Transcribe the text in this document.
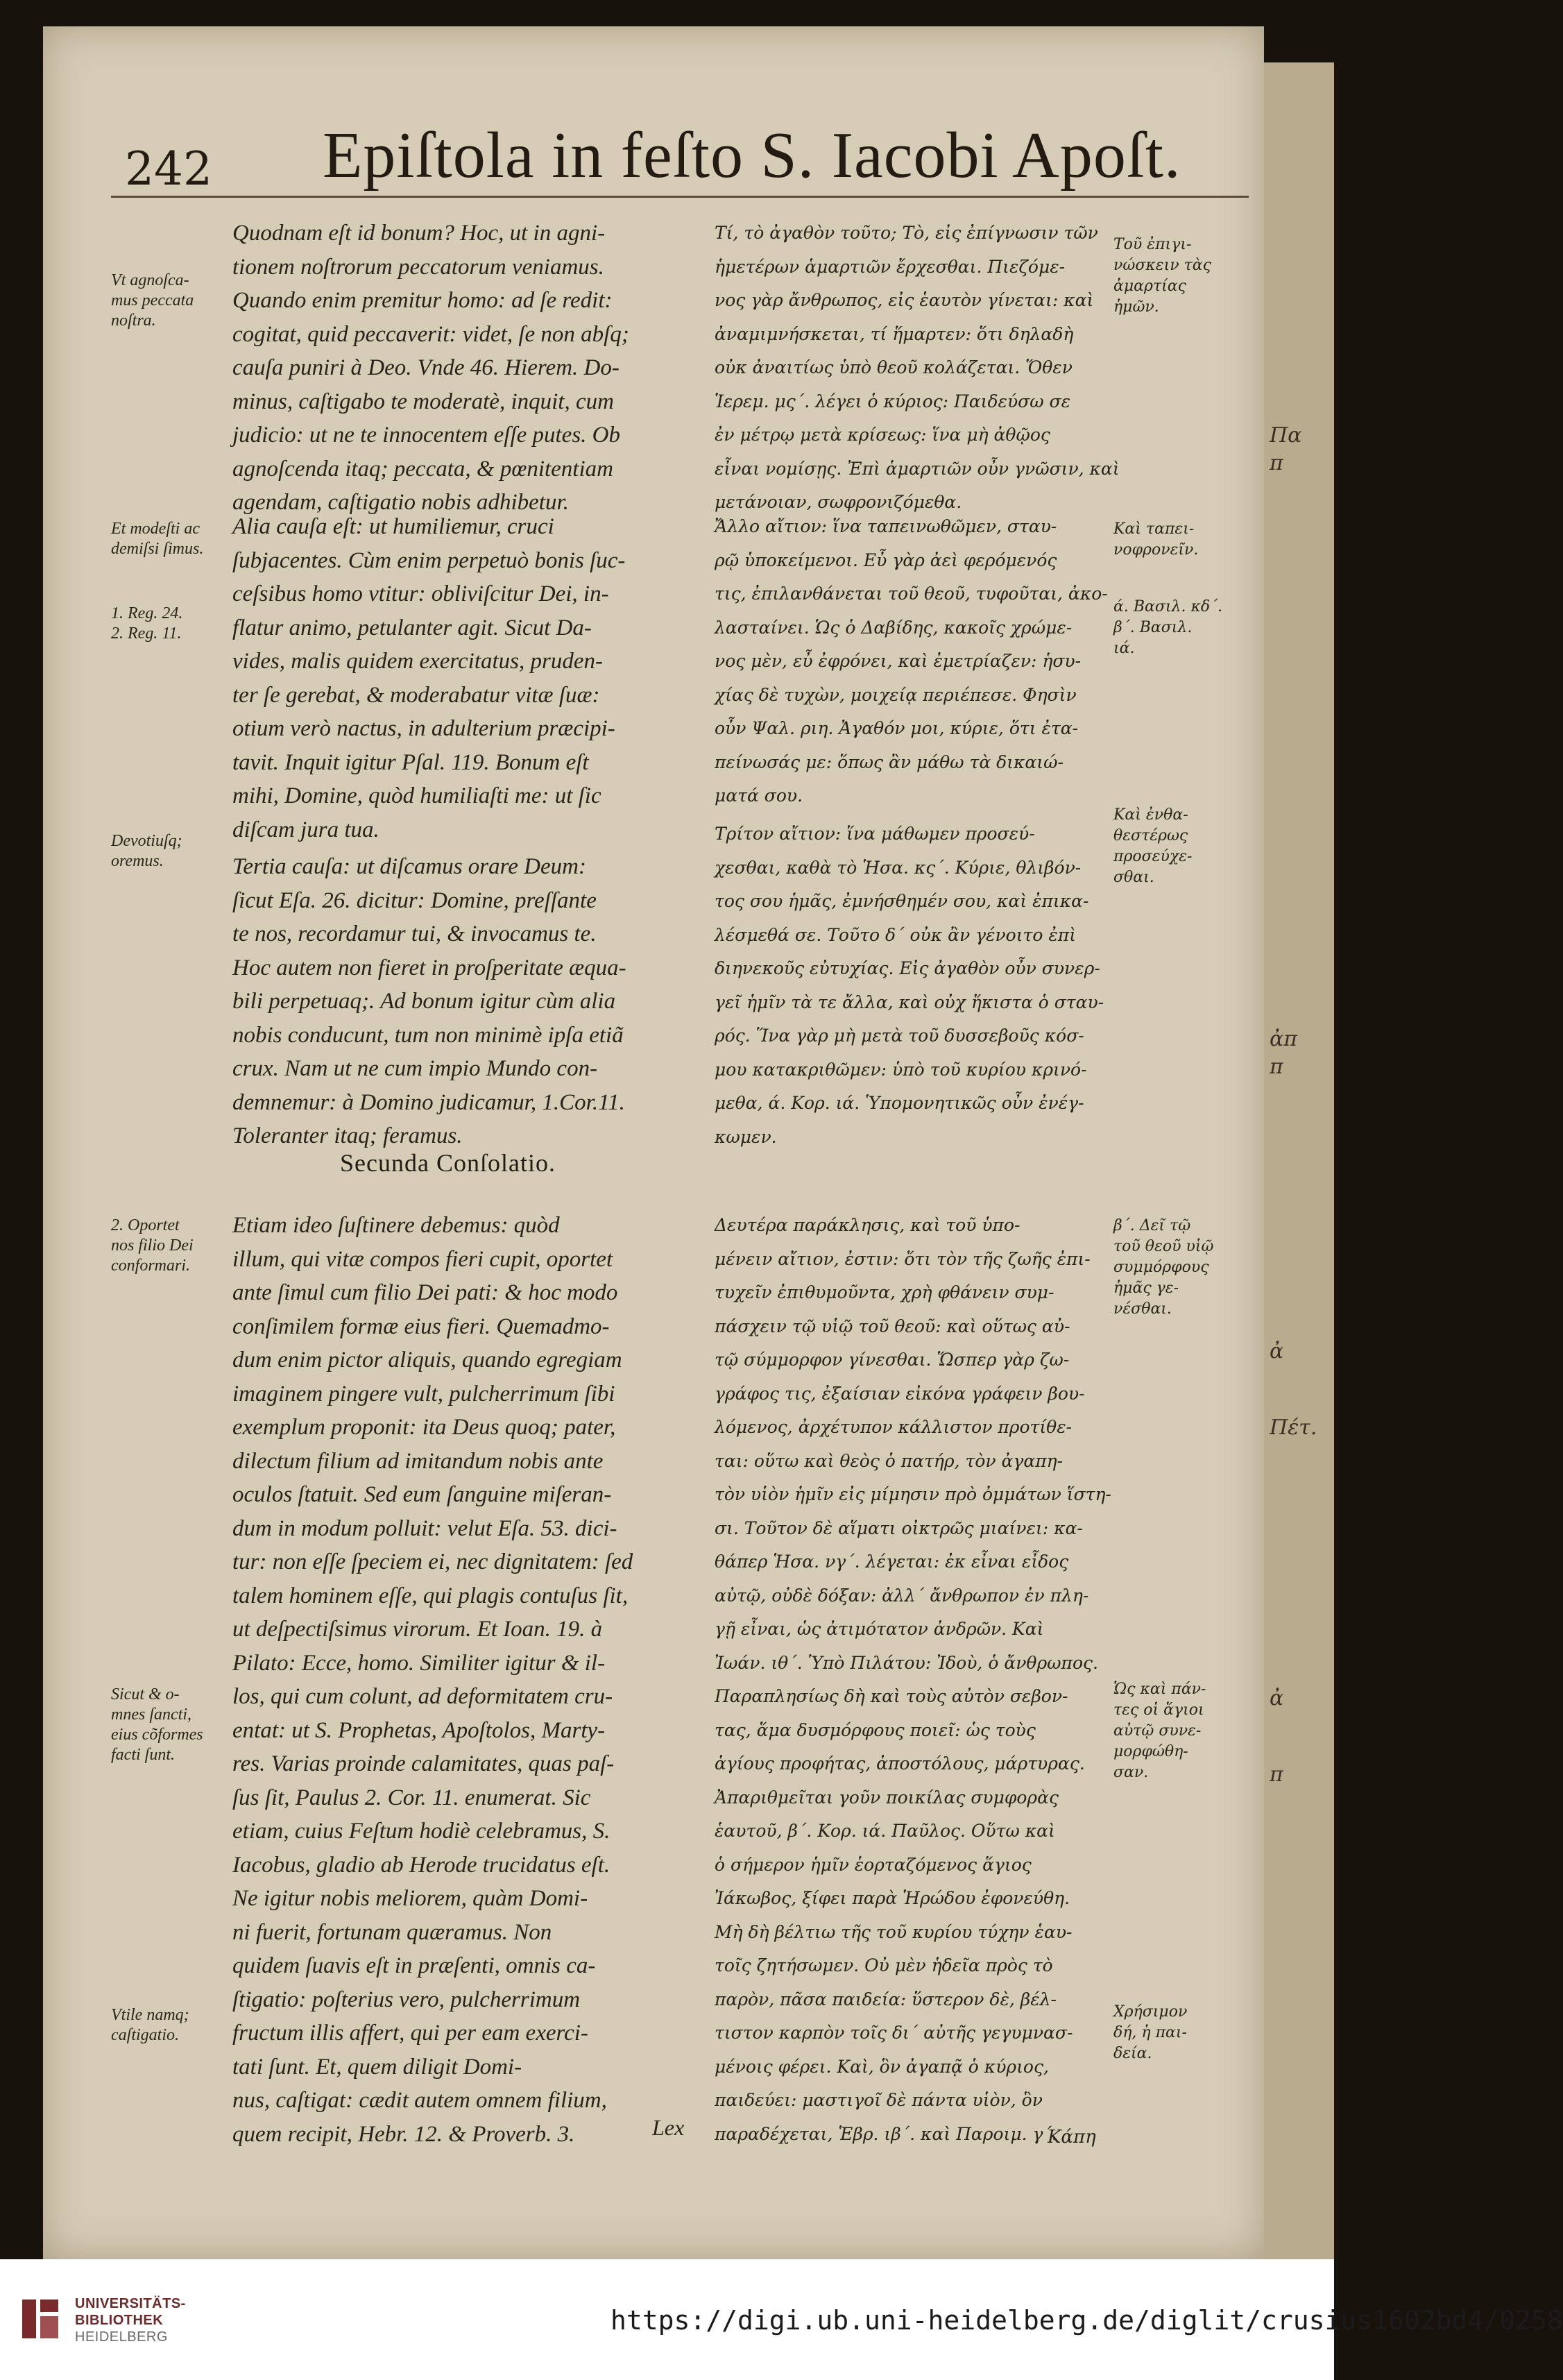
Πα
π
ἀπ
π
ἀ
Πέτ.
ἀ
π
242 Epiſtola in feſto S. Iacobi Apoſt.
Quodnam eſt id bonum? Hoc, ut in agni-
tionem noſtrorum peccatorum veniamus.
Quando enim premitur homo: ad ſe redit:
cogitat, quid peccaverit: videt, ſe non abſq;
cauſa puniri à Deo. Vnde 46. Hierem. Do-
minus, caſtigabo te moderatè, inquit, cum
judicio: ut ne te innocentem eſſe putes. Ob
agnoſcenda itaq; peccata, & pœnitentiam
agendam, caſtigatio nobis adhibetur.
Alia cauſa eſt: ut humiliemur, cruci
ſubjacentes. Cùm enim perpetuò bonis ſuc-
ceſsibus homo vtitur: obliviſcitur Dei, in-
flatur animo, petulanter agit. Sicut Da-
vides, malis quidem exercitatus, pruden-
ter ſe gerebat, & moderabatur vitæ ſuæ:
otium verò nactus, in adulterium præcipi-
tavit. Inquit igitur Pſal. 119. Bonum eſt
mihi, Domine, quòd humiliaſti me: ut ſic
diſcam jura tua.
Tertia cauſa: ut diſcamus orare Deum:
ſicut Eſa. 26. dicitur: Domine, preſſante
te nos, recordamur tui, & invocamus te.
Hoc autem non fieret in proſperitate æqua-
bili perpetuaq;. Ad bonum igitur cùm alia
nobis conducunt, tum non minimè ipſa etiã
crux. Nam ut ne cum impio Mundo con-
demnemur: à Domino judicamur, 1.Cor.11.
Toleranter itaq; feramus.
Etiam ideo ſuſtinere debemus: quòd
illum, qui vitæ compos fieri cupit, oportet
ante ſimul cum filio Dei pati: & hoc modo
conſimilem formæ eius fieri. Quemadmo-
dum enim pictor aliquis, quando egregiam
imaginem pingere vult, pulcherrimum ſibi
exemplum proponit: ita Deus quoq; pater,
dilectum filium ad imitandum nobis ante
oculos ſtatuit. Sed eum ſanguine miſeran-
dum in modum polluit: velut Eſa. 53. dici-
tur: non eſſe ſpeciem ei, nec dignitatem: ſed
talem hominem eſſe, qui plagis contuſus ſit,
ut deſpectiſsimus virorum. Et Ioan. 19. à
Pilato: Ecce, homo. Similiter igitur & il-
los, qui cum colunt, ad deformitatem cru-
entat: ut S. Prophetas, Apoſtolos, Marty-
res. Varias proinde calamitates, quas paſ-
ſus ſit, Paulus 2. Cor. 11. enumerat. Sic
etiam, cuius Feſtum hodiè celebramus, S.
Iacobus, gladio ab Herode trucidatus eſt.
Ne igitur nobis meliorem, quàm Domi-
ni fuerit, fortunam quæramus. Non
quidem ſuavis eſt in præſenti, omnis ca-
ſtigatio: poſterius vero, pulcherrimum
fructum illis affert, qui per eam exerci-
tati ſunt. Et, quem diligit Domi-
nus, caſtigat: cædit autem omnem filium,
quem recipit, Hebr. 12. & Proverb. 3.
Τί, τὸ ἀγαθὸν τοῦτο; Τὸ, εἰς ἐπίγνωσιν τῶν
ἡμετέρων ἁμαρτιῶν ἔρχεσθαι. Πιεζόμε-
νος γὰρ ἄνθρωπος, εἰς ἑαυτὸν γίνεται: καὶ
ἀναμιμνήσκεται, τί ἥμαρτεν: ὅτι δηλαδὴ
οὐκ ἀναιτίως ὑπὸ θεοῦ κολάζεται. Ὅθεν
Ἱερεμ. μς΄. λέγει ὁ κύριος: Παιδεύσω σε
ἐν μέτρῳ μετὰ κρίσεως: ἵνα μὴ ἀθῷος
εἶναι νομίσῃς. Ἐπὶ ἁμαρτιῶν οὖν γνῶσιν, καὶ
μετάνοιαν, σωφρονιζόμεθα.
Ἄλλο αἴτιον: ἵνα ταπεινωθῶμεν, σταυ-
ρῷ ὑποκείμενοι. Εὖ γὰρ ἀεὶ φερόμενός
τις, ἐπιλανθάνεται τοῦ θεοῦ, τυφοῦται, ἀκο-
λασταίνει. Ὡς ὁ Δαβίδης, κακοῖς χρώμε-
νος μὲν, εὖ ἐφρόνει, καὶ ἐμετρίαζεν: ἡσυ-
χίας δὲ τυχὼν, μοιχείᾳ περιέπεσε. Φησὶν
οὖν Ψαλ. ριη. Ἀγαθόν μοι, κύριε, ὅτι ἐτα-
πείνωσάς με: ὅπως ἂν μάθω τὰ δικαιώ-
ματά σου.
Τρίτον αἴτιον: ἵνα μάθωμεν προσεύ-
χεσθαι, καθὰ τὸ Ἡσα. κς΄. Κύριε, θλιβόν-
τος σου ἡμᾶς, ἐμνήσθημέν σου, καὶ ἐπικα-
λέσμεθά σε. Τοῦτο δ΄ οὐκ ἂν γένοιτο ἐπὶ
διηνεκοῦς εὐτυχίας. Εἰς ἀγαθὸν οὖν συνερ-
γεῖ ἡμῖν τὰ τε ἄλλα, καὶ οὐχ ἥκιστα ὁ σταυ-
ρός. Ἵνα γὰρ μὴ μετὰ τοῦ δυσσεβοῦς κόσ-
μου κατακριθῶμεν: ὑπὸ τοῦ κυρίου κρινό-
μεθα, ά. Κορ. ιά. Ὑπομονητικῶς οὖν ἐνέγ-
κωμεν.
Δευτέρα παράκλησις, καὶ τοῦ ὑπο-
μένειν αἴτιον, ἐστιν: ὅτι τὸν τῆς ζωῆς ἐπι-
τυχεῖν ἐπιθυμοῦντα, χρὴ φθάνειν συμ-
πάσχειν τῷ υἱῷ τοῦ θεοῦ: καὶ οὕτως αὐ-
τῷ σύμμορφον γίνεσθαι. Ὥσπερ γὰρ ζω-
γράφος τις, ἐξαίσιαν εἰκόνα γράφειν βου-
λόμενος, ἀρχέτυπον κάλλιστον προτίθε-
ται: οὕτω καὶ θεὸς ὁ πατήρ, τὸν ἀγαπη-
τὸν υἱὸν ἡμῖν εἰς μίμησιν πρὸ ὀμμάτων ἵστη-
σι. Τοῦτον δὲ αἵματι οἰκτρῶς μιαίνει: κα-
θάπερ Ἡσα. νγ΄. λέγεται: ἐκ εἶναι εἶδος
αὐτῷ, οὐδὲ δόξαν: ἀλλ΄ ἄνθρωπον ἐν πλη-
γῇ εἶναι, ὡς ἀτιμότατον ἀνδρῶν. Καὶ
Ἰωάν. ιθ΄. Ὑπὸ Πιλάτου: Ἰδοὺ, ὁ ἄνθρωπος.
Παραπλησίως δὴ καὶ τοὺς αὐτὸν σεβον-
τας, ἅμα δυσμόρφους ποιεῖ: ὡς τοὺς
ἁγίους προφήτας, ἀποστόλους, μάρτυρας.
Ἀπαριθμεῖται γοῦν ποικίλας συμφορὰς
ἑαυτοῦ, β΄. Κορ. ιά. Παῦλος. Οὕτω καὶ
ὁ σήμερον ἡμῖν ἑορταζόμενος ἅγιος
Ἰάκωβος, ξίφει παρὰ Ἡρώδου ἐφονεύθη.
Μὴ δὴ βέλτιω τῆς τοῦ κυρίου τύχην ἑαυ-
τοῖς ζητήσωμεν. Οὐ μὲν ἡδεῖα πρὸς τὸ
παρὸν, πᾶσα παιδεία: ὕστερον δὲ, βέλ-
τιστον καρπὸν τοῖς δι΄ αὐτῆς γεγυμνασ-
μένοις φέρει. Καὶ, ὃν ἀγαπᾷ ὁ κύριος,
παιδεύει: μαστιγοῖ δὲ πάντα υἱὸν, ὃν
παραδέχεται, Ἑβρ. ιβ΄. καὶ Παροιμ. γ΄.
Vt agnoſca-
mus peccata
noſtra.
Et modeſti ac
demiſsi ſimus.
1. Reg. 24.
2. Reg. 11.
Devotiuſq;
oremus.
2. Oportet
nos filio Dei
conformari.
Sicut & o-
mnes ſancti,
eius cõformes
facti ſunt.
Vtile namq;
caſtigatio.
Τοῦ ἐπιγι-
νώσκειν τὰς
ἁμαρτίας
ἡμῶν.
Καὶ ταπει-
νοφρονεῖν.
ά. Βασιλ. κδ΄.
β΄. Βασιλ.
ιά.
Καὶ ἐνθα-
θεστέρως
προσεύχε-
σθαι.
β΄. Δεῖ τῷ
τοῦ θεοῦ υἱῷ
συμμόρφους
ἡμᾶς γε-
νέσθαι.
Ὡς καὶ πάν-
τες οἱ ἅγιοι
αὐτῷ συνε-
μορφώθη-
σαν.
Χρήσιμον
δή, ἡ παι-
δεία.
Secunda Conſolatio.
Lex	Κάπη
UNIVERSITÄTS-
BIBLIOTHEK
HEIDELBERG
https://digi.ub.uni-heidelberg.de/diglit/crusius1602bd4/0258
